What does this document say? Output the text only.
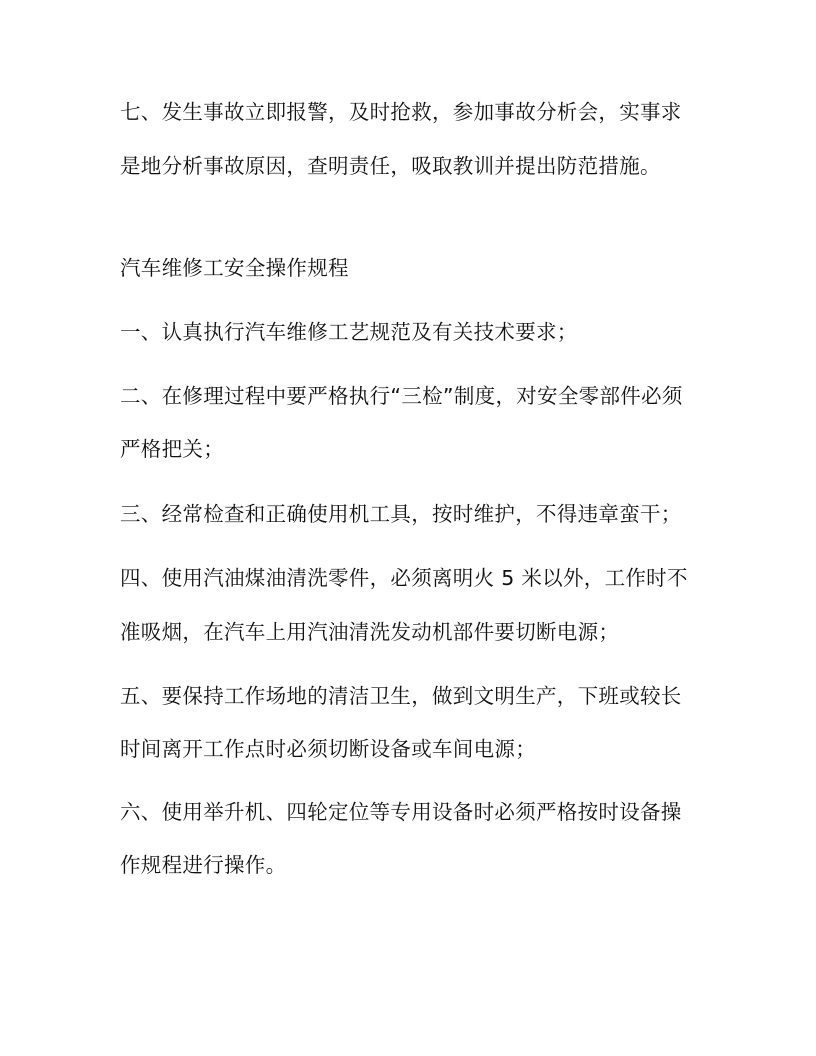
七、发生事故立即报警，及时抢救，参加事故分析会，实事求
是地分析事故原因，查明责任，吸取教训并提出防范措施。
汽车维修工安全操作规程
一、认真执行汽车维修工艺规范及有关技术要求；
二、在修理过程中要严格执行“三检”制度，对安全零部件必须
严格把关；
三、经常检查和正确使用机工具，按时维护，不得违章蛮干；
四、使用汽油煤油清洗零件，必须离明火 5 米以外，工作时不
准吸烟，在汽车上用汽油清洗发动机部件要切断电源；
五、要保持工作场地的清洁卫生，做到文明生产，下班或较长
时间离开工作点时必须切断设备或车间电源；
六、使用举升机、四轮定位等专用设备时必须严格按时设备操
作规程进行操作。
